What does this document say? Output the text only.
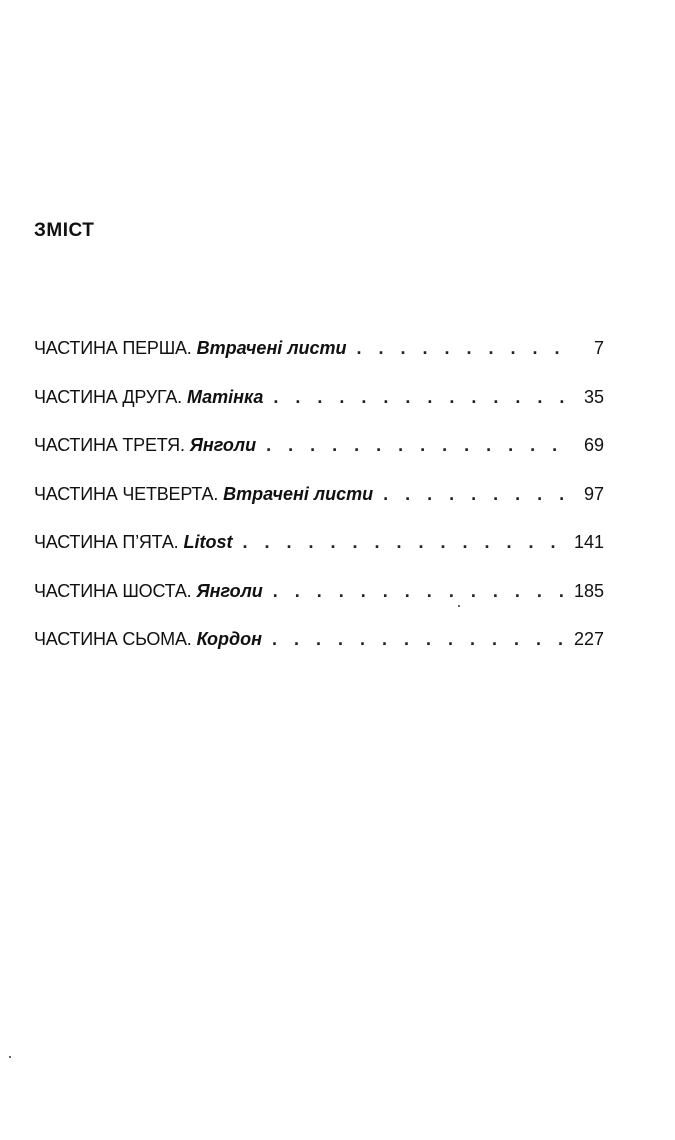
ЗМІСТ
ЧАСТИНА ПЕРША. Втрачені листи . . .	7
ЧАСТИНА ДРУГА. Матінка . . .	35
ЧАСТИНА ТРЕТЯ. Янголи . . .	69
ЧАСТИНА ЧЕТВЕРТА. Втрачені листи . . .	97
ЧАСТИНА П’ЯТА. Litost . . .	141
ЧАСТИНА ШОСТА. Янголи . . .	185
ЧАСТИНА СЬОМА. Кордон . . .	227
